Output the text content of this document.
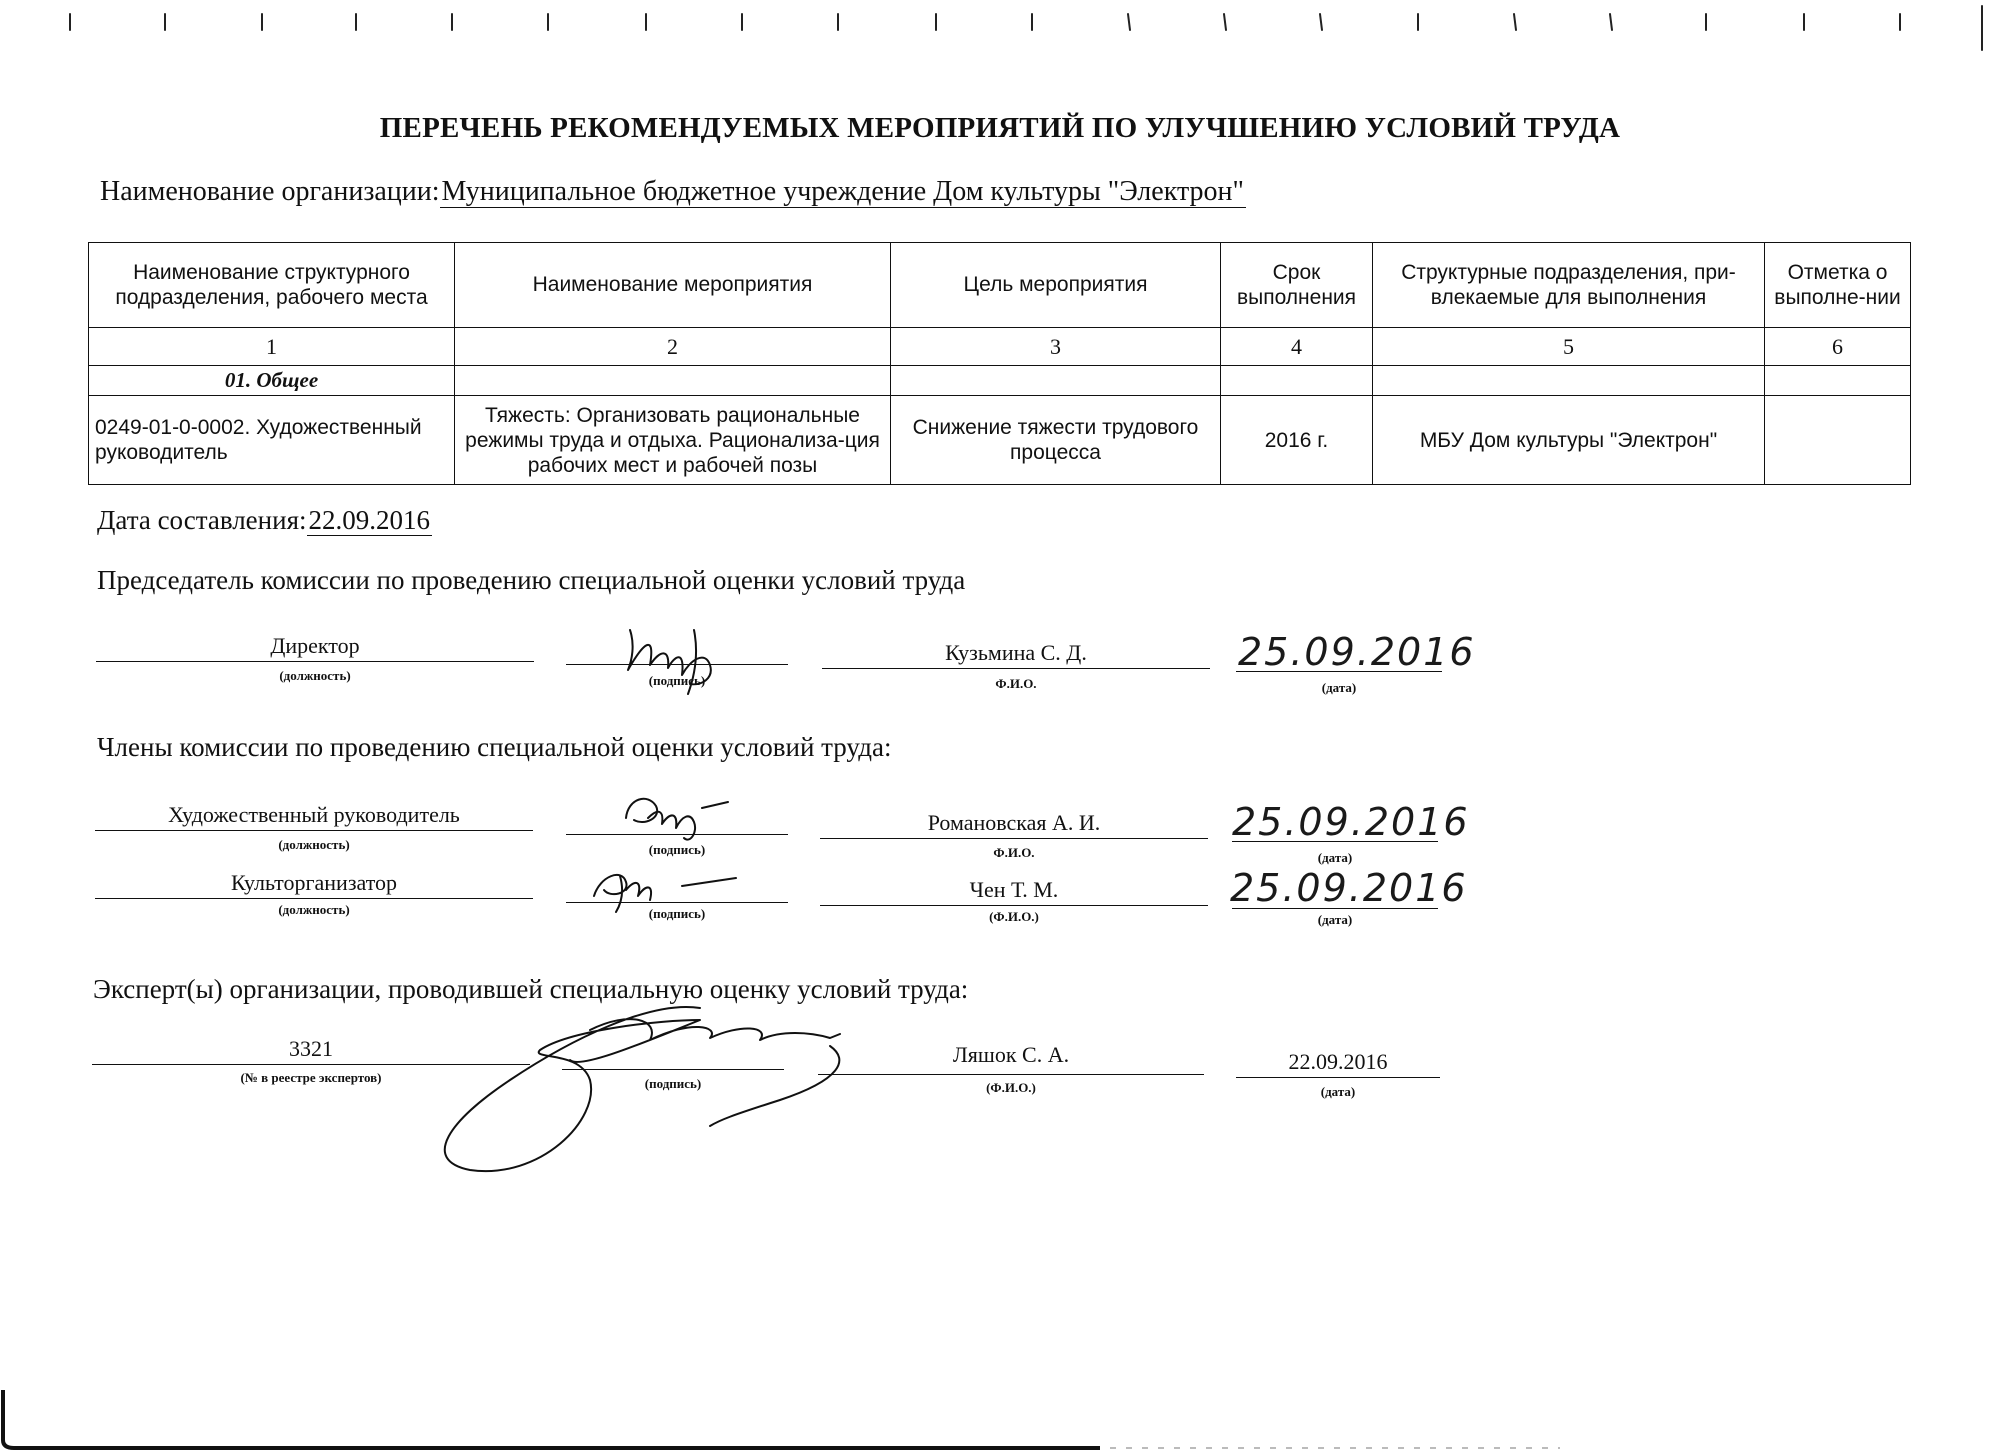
ПЕРЕЧЕНЬ РЕКОМЕНДУЕМЫХ МЕРОПРИЯТИЙ ПО УЛУЧШЕНИЮ УСЛОВИЙ ТРУДА
Наименование организации:Муниципальное бюджетное учреждение Дом культуры "Электрон"
Наименование структурного подразделения, рабочего места	Наименование мероприятия	Цель мероприятия	Срок выполнения	Структурные подразделения, при-влекаемые для выполнения	Отметка о выполне-нии
1	2	3	4	5	6
01. Общее					
0249-01-0-0002. Художественный руководитель	Тяжесть: Организовать рациональные режимы труда и отдыха. Рационализа-ция рабочих мест и рабочей позы	Снижение тяжести трудового процесса	2016 г.	МБУ Дом культуры "Электрон"	
Дата составления:22.09.2016
Председатель комиссии по проведению специальной оценки условий труда
Директор
(должность)	(подпись)
Кузьмина С. Д.
Ф.И.О.
25.09.2016
(дата)
Члены комиссии по проведению специальной оценки условий труда:
Художественный руководитель
(должность)	(подпись)
Романовская А. И.
Ф.И.О.
25.09.2016
(дата)
Культорганизатор
(должность)	(подпись)
Чен Т. М.
(Ф.И.О.)
25.09.2016
(дата)
Эксперт(ы) организации, проводившей специальную оценку условий труда:
3321
(№ в реестре экспертов)	(подпись)
Ляшок С. А.
(Ф.И.О.)
22.09.2016
(дата)
